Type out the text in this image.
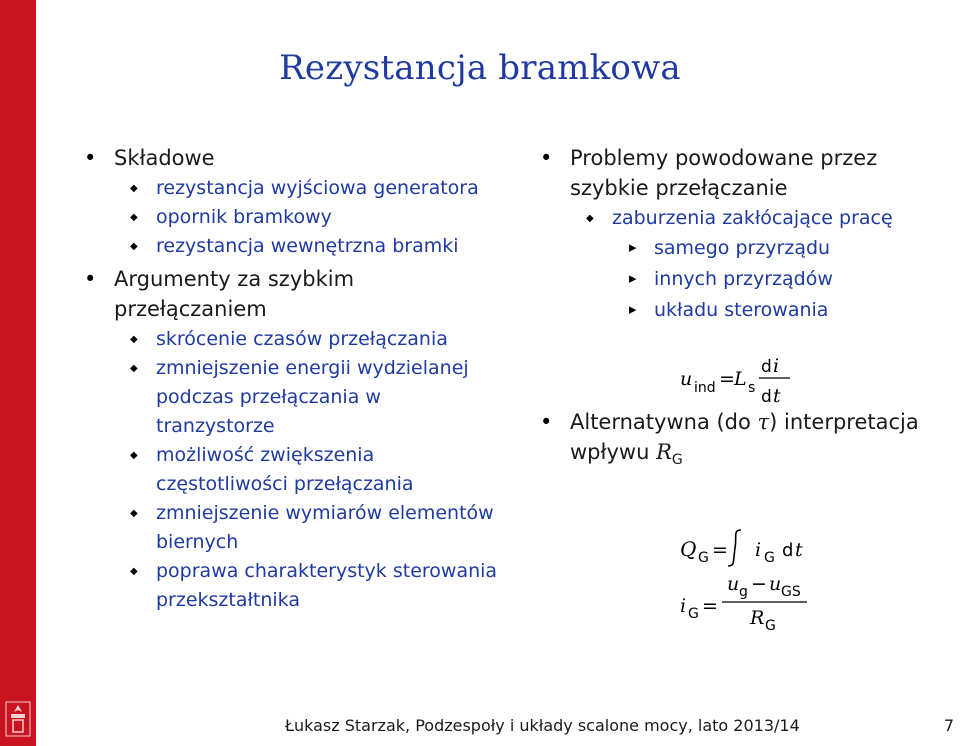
Rezystancja bramkowa
• Składowe
◆ rezystancja wyjściowa generatora
◆ opornik bramkowy
◆ rezystancja wewnętrzna bramki
• Argumenty za szybkim przełączaniem
◆ skrócenie czasów przełączania
◆ zmniejszenie energii wydzielanej podczas przełączania w tranzystorze
◆ możliwość zwiększenia częstotliwości przełączania
◆ zmniejszenie wymiarów elementów biernych
◆ poprawa charakterystyk sterowania przekształtnika
• Problemy powodowane przez szybkie przełączanie
◆ zaburzenia zakłócające pracę
▸ samego przyrządu
▸ innych przyrządów
▸ układu sterowania
• Alternatywna (do τ) interpretacja wpływu $R_G$
u ind = L s
d i
d t
Q G = i G d t
i G =
u g − u GS
R G
Łukasz Starzak, Podzespoły i układy scalone mocy, lato 2013/14	7
